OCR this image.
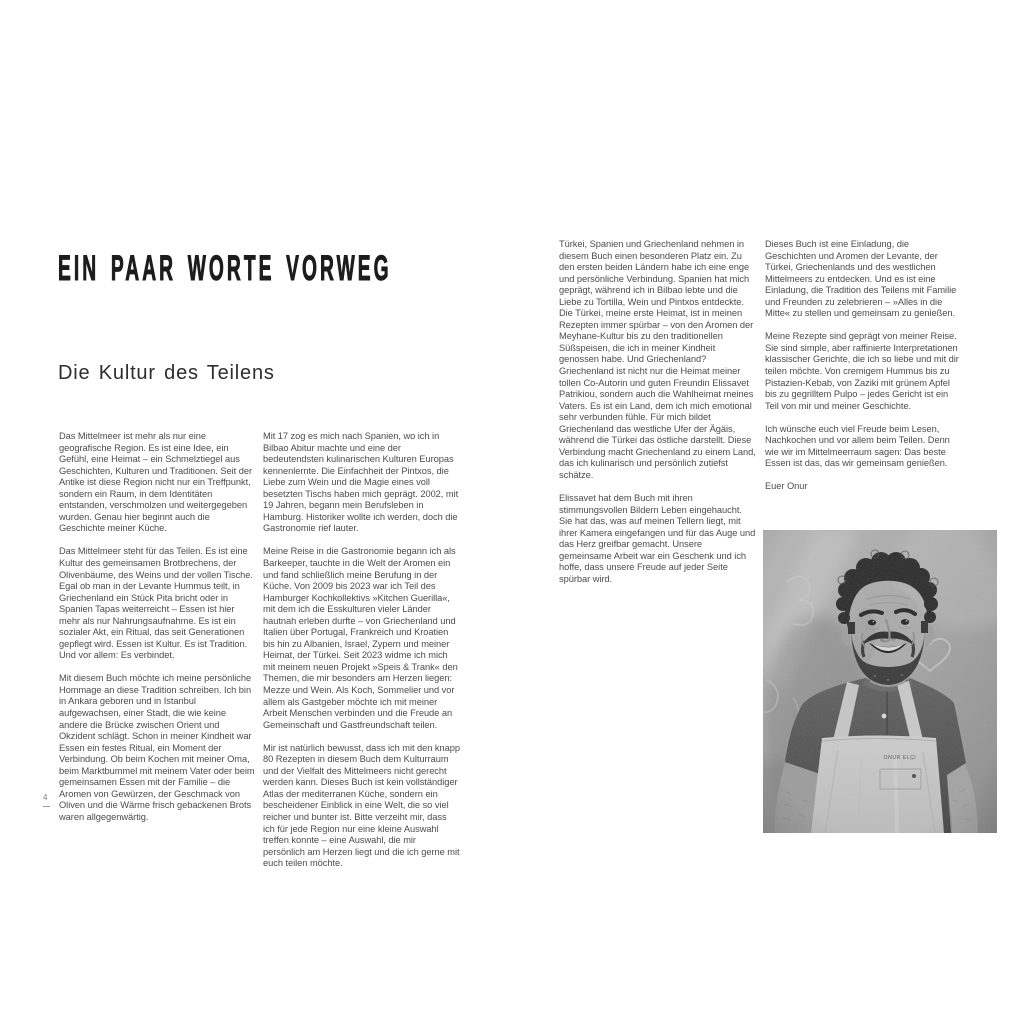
EIN PAAR WORTE VORWEG
Die Kultur des Teilens

Das Mittelmeer ist mehr als nur eine geografische Region. Es ist eine Idee, ein Gefühl, eine Heimat – ein Schmelztiegel aus Geschichten, Kulturen und Traditionen. Seit der Antike ist diese Region nicht nur ein Treffpunkt, sondern ein Raum, in dem Identitäten entstanden, verschmolzen und weitergegeben wurden. Genau hier beginnt auch die Geschichte meiner Küche.

Das Mittelmeer steht für das Teilen. Es ist eine Kultur des gemeinsamen Brotbrechens, der Olivenbäume, des Weins und der vollen Tische. Egal ob man in der Levante Hummus teilt, in Griechenland ein Stück Pita bricht oder in Spanien Tapas weiterreicht – Essen ist hier mehr als nur Nahrungsaufnahme. Es ist ein sozialer Akt, ein Ritual, das seit Generationen gepflegt wird. Essen ist Kultur. Es ist Tradition. Und vor allem: Es verbindet.

Mit diesem Buch möchte ich meine persönliche Hommage an diese Tradition schreiben. Ich bin in Ankara geboren und in Istanbul aufgewachsen, einer Stadt, die wie keine andere die Brücke zwischen Orient und Okzident schlägt. Schon in meiner Kindheit war Essen ein festes Ritual, ein Moment der Verbindung. Ob beim Kochen mit meiner Oma, beim Marktbummel mit meinem Vater oder beim gemeinsamen Essen mit der Familie – die Aromen von Gewürzen, der Geschmack von Oliven und die Wärme frisch gebackenen Brots waren allgegenwärtig.

Mit 17 zog es mich nach Spanien, wo ich in Bilbao Abitur machte und eine der bedeutendsten kulinarischen Kulturen Europas kennenlernte. Die Einfachheit der Pintxos, die Liebe zum Wein und die Magie eines voll besetzten Tischs haben mich geprägt. 2002, mit 19 Jahren, begann mein Berufsleben in Hamburg. Historiker wollte ich werden, doch die Gastronomie rief lauter.

Meine Reise in die Gastronomie begann ich als Barkeeper, tauchte in die Welt der Aromen ein und fand schließlich meine Berufung in der Küche. Von 2009 bis 2023 war ich Teil des Hamburger Kochkollektivs »Kitchen Guerilla«, mit dem ich die Esskulturen vieler Länder hautnah erleben durfte – von Griechenland und Italien über Portugal, Frankreich und Kroatien bis hin zu Albanien, Israel, Zypern und meiner Heimat, der Türkei. Seit 2023 widme ich mich mit meinem neuen Projekt »Speis & Trank« den Themen, die mir besonders am Herzen liegen: Mezze und Wein. Als Koch, Sommelier und vor allem als Gastgeber möchte ich mit meiner Arbeit Menschen verbinden und die Freude an Gemeinschaft und Gastfreundschaft teilen.

Mir ist natürlich bewusst, dass ich mit den knapp 80 Rezepten in diesem Buch dem Kulturraum und der Vielfalt des Mittelmeers nicht gerecht werden kann. Dieses Buch ist kein vollständiger Atlas der mediterranen Küche, sondern ein bescheidener Einblick in eine Welt, die so viel reicher und bunter ist. Bitte verzeiht mir, dass ich für jede Region nur eine kleine Auswahl treffen konnte – eine Auswahl, die mir persönlich am Herzen liegt und die ich gerne mit euch teilen möchte.

4

Türkei, Spanien und Griechenland nehmen in diesem Buch einen besonderen Platz ein. Zu den ersten beiden Ländern habe ich eine enge und persönliche Verbindung. Spanien hat mich geprägt, während ich in Bilbao lebte und die Liebe zu Tortilla, Wein und Pintxos entdeckte. Die Türkei, meine erste Heimat, ist in meinen Rezepten immer spürbar – von den Aromen der Meyhane-Kultur bis zu den traditionellen Süßspeisen, die ich in meiner Kindheit genossen habe. Und Griechenland? Griechenland ist nicht nur die Heimat meiner tollen Co-Autorin und guten Freundin Elissavet Patrikiou, sondern auch die Wahlheimat meines Vaters. Es ist ein Land, dem ich mich emotional sehr verbunden fühle. Für mich bildet Griechenland das westliche Ufer der Ägäis, während die Türkei das östliche darstellt. Diese Verbindung macht Griechenland zu einem Land, das ich kulinarisch und persönlich zutiefst schätze.

Elissavet hat dem Buch mit ihren stimmungsvollen Bildern Leben eingehaucht. Sie hat das, was auf meinen Tellern liegt, mit ihrer Kamera eingefangen und für das Auge und das Herz greifbar gemacht. Unsere gemeinsame Arbeit war ein Geschenk und ich hoffe, dass unsere Freude auf jeder Seite spürbar wird.

Dieses Buch ist eine Einladung, die Geschichten und Aromen der Levante, der Türkei, Griechenlands und des westlichen Mittelmeers zu entdecken. Und es ist eine Einladung, die Tradition des Teilens mit Familie und Freunden zu zelebrieren – »Alles in die Mitte« zu stellen und gemeinsam zu genießen.

Meine Rezepte sind geprägt von meiner Reise. Sie sind simple, aber raffinierte Interpretationen klassischer Gerichte, die ich so liebe und mit dir teilen möchte. Von cremigem Hummus bis zu Pistazien-Kebab, von Zaziki mit grünem Apfel bis zu gegrilltem Pulpo – jedes Gericht ist ein Teil von mir und meiner Geschichte.

Ich wünsche euch viel Freude beim Lesen, Nachkochen und vor allem beim Teilen. Denn wie wir im Mittelmeerraum sagen: Das beste Essen ist das, das wir gemeinsam genießen.

Euer Onur
